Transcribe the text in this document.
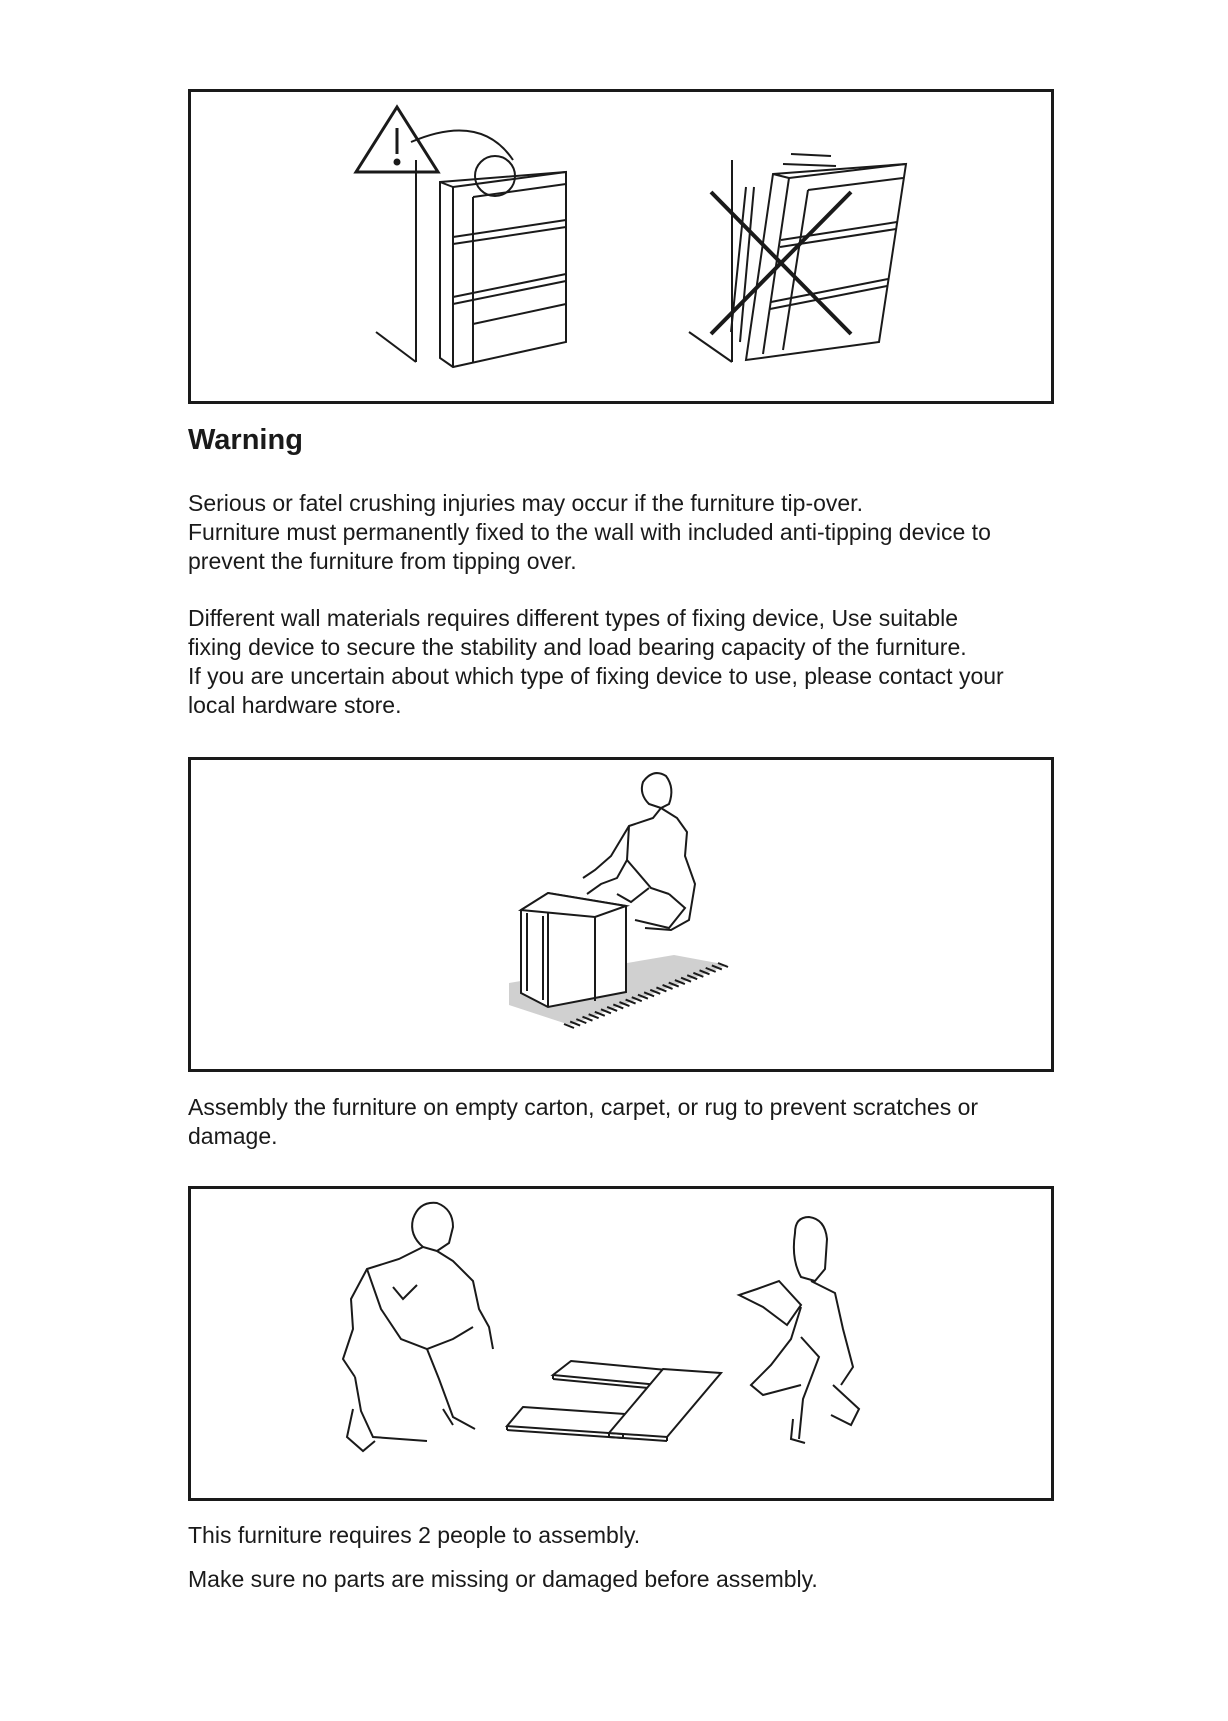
Warning

Serious or fatel crushing injuries may occur if the furniture tip-over.
Furniture must permanently fixed to the wall with included anti-tipping device to
prevent the furniture from tipping over.

Different wall materials requires different types of fixing device, Use suitable
fixing device to secure the stability and load bearing capacity of the furniture.
If you are uncertain about which type of fixing device to use, please contact your
local hardware store.

Assembly the furniture on empty carton, carpet, or rug to prevent scratches or
damage.

This furniture requires 2 people to assembly.

Make sure no parts are missing or damaged before assembly.
